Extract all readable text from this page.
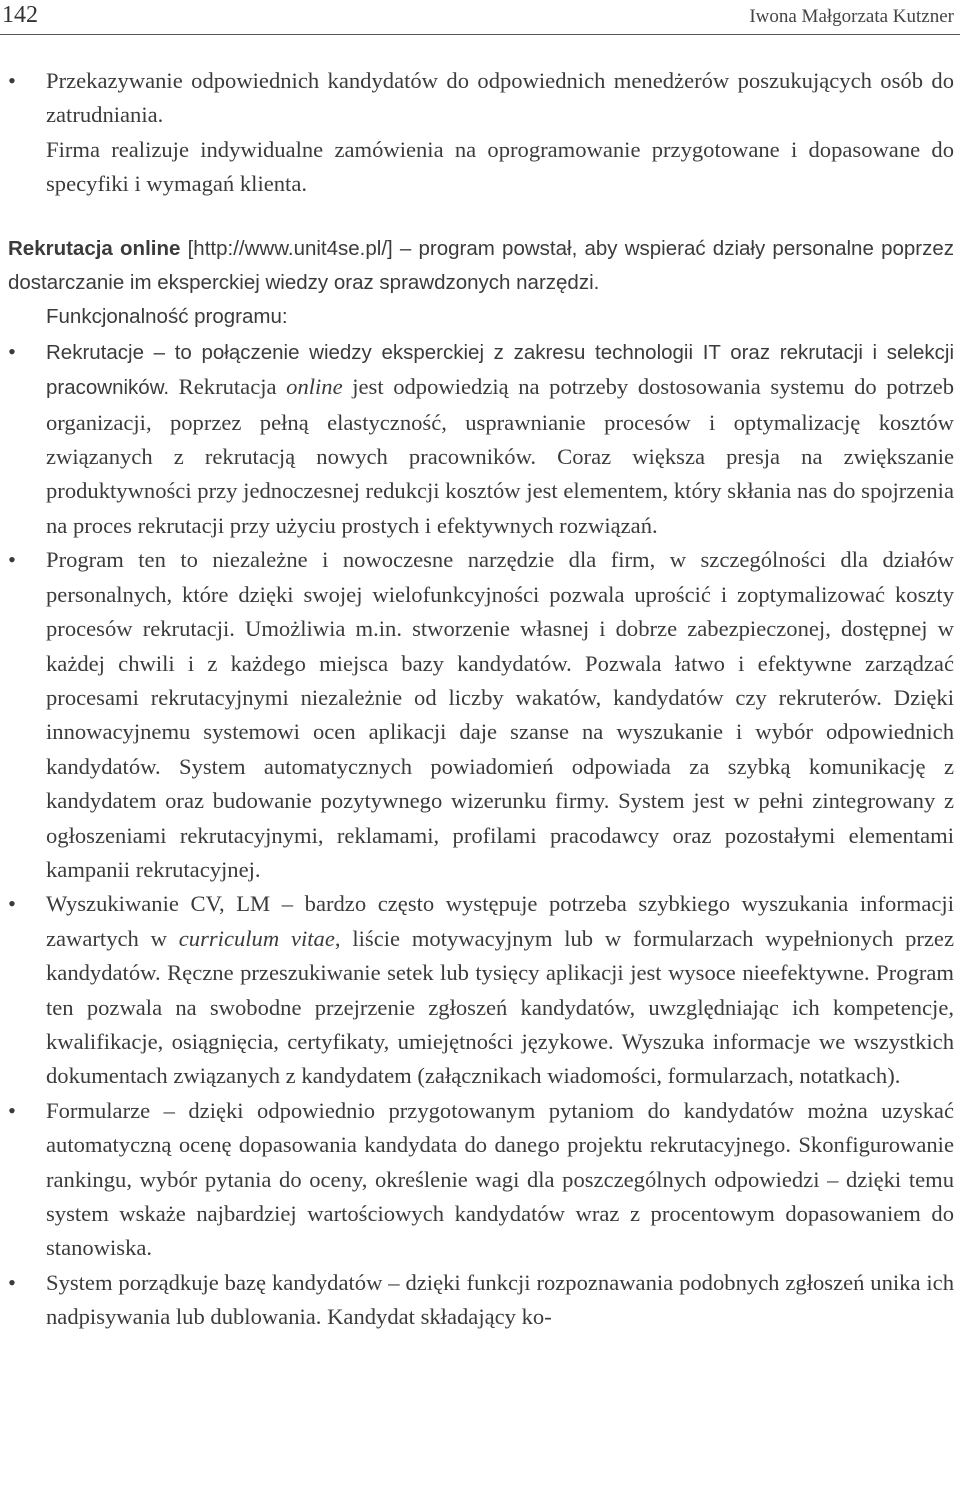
142	Iwona Małgorzata Kutzner

• Przekazywanie odpowiednich kandydatów do odpowiednich menedżerów poszukujących osób do zatrudniania.

Firma realizuje indywidualne zamówienia na oprogramowanie przygotowane i dopasowane do specyfiki i wymagań klienta.

Rekrutacja online [http://www.unit4se.pl/] – program powstał, aby wspierać działy personalne poprzez dostarczanie im eksperckiej wiedzy oraz sprawdzonych narzędzi.

Funkcjonalność programu:

• Rekrutacje – to połączenie wiedzy eksperckiej z zakresu technologii IT oraz rekrutacji i selekcji pracowników. Rekrutacja online jest odpowiedzią na potrzeby dostosowania systemu do potrzeb organizacji, poprzez pełną elastyczność, usprawnianie procesów i optymalizację kosztów związanych z rekrutacją nowych pracowników. Coraz większa presja na zwiększanie produktywności przy jednoczesnej redukcji kosztów jest elementem, który skłania nas do spojrzenia na proces rekrutacji przy użyciu prostych i efektywnych rozwiązań.

• Program ten to niezależne i nowoczesne narzędzie dla firm, w szczególności dla działów personalnych, które dzięki swojej wielofunkcyjności pozwala uprościć i zoptymalizować koszty procesów rekrutacji. Umożliwia m.in. stworzenie własnej i dobrze zabezpieczonej, dostępnej w każdej chwili i z każdego miejsca bazy kandydatów. Pozwala łatwo i efektywne zarządzać procesami rekrutacyjnymi niezależnie od liczby wakatów, kandydatów czy rekruterów. Dzięki innowacyjnemu systemowi ocen aplikacji daje szanse na wyszukanie i wybór odpowiednich kandydatów. System automatycznych powiadomień odpowiada za szybką komunikację z kandydatem oraz budowanie pozytywnego wizerunku firmy. System jest w pełni zintegrowany z ogłoszeniami rekrutacyjnymi, reklamami, profilami pracodawcy oraz pozostałymi elementami kampanii rekrutacyjnej.

• Wyszukiwanie CV, LM – bardzo często występuje potrzeba szybkiego wyszukania informacji zawartych w curriculum vitae, liście motywacyjnym lub w formularzach wypełnionych przez kandydatów. Ręczne przeszukiwanie setek lub tysięcy aplikacji jest wysoce nieefektywne. Program ten pozwala na swobodne przejrzenie zgłoszeń kandydatów, uwzględniając ich kompetencje, kwalifikacje, osiągnięcia, certyfikaty, umiejętności językowe. Wyszuka informacje we wszystkich dokumentach związanych z kandydatem (załącznikach wiadomości, formularzach, notatkach).

• Formularze – dzięki odpowiednio przygotowanym pytaniom do kandydatów można uzyskać automatyczną ocenę dopasowania kandydata do danego projektu rekrutacyjnego. Skonfigurowanie rankingu, wybór pytania do oceny, określenie wagi dla poszczególnych odpowiedzi – dzięki temu system wskaże najbardziej wartościowych kandydatów wraz z procentowym dopasowaniem do stanowiska.

• System porządkuje bazę kandydatów – dzięki funkcji rozpoznawania podobnych zgłoszeń unika ich nadpisywania lub dublowania. Kandydat składający ko-
